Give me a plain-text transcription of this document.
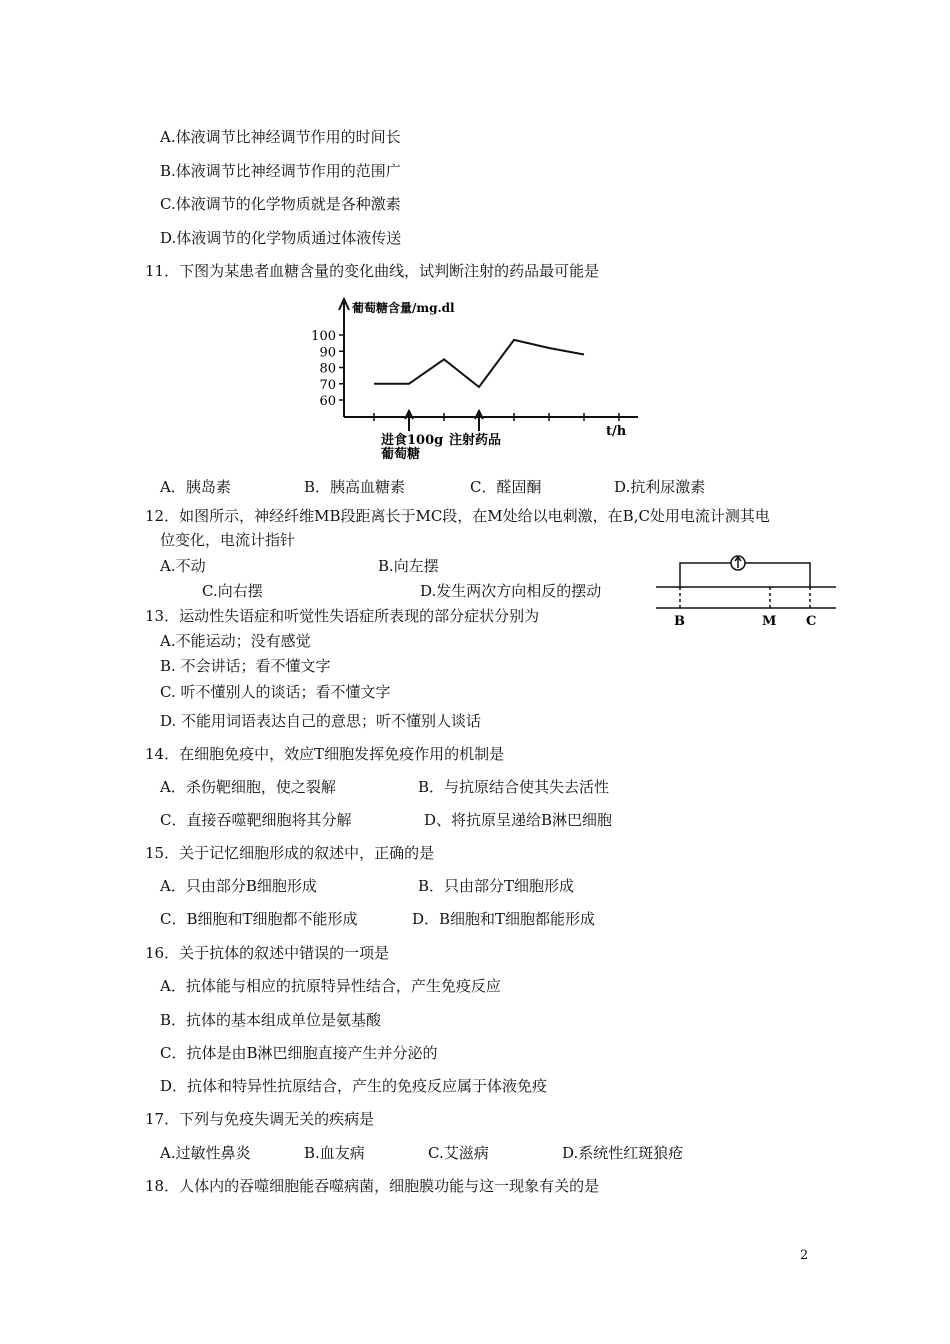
A.体液调节比神经调节作用的时间长
B.体液调节比神经调节作用的范围广
C.体液调节的化学物质就是各种激素
D.体液调节的化学物质通过体液传送
11．下图为某患者血糖含量的变化曲线，试判断注射的药品最可能是
葡萄糖含量/mg.dl
t/h
100
90
80
70
60
进食100g
葡萄糖
注射药品
A．胰岛素	B．胰高血糖素	C．醛固酮	D.抗利尿激素
12．如图所示，神经纤维MB段距离长于MC段，在M处给以电刺激，在B,C处用电流计测其电
位变化，电流计指针
A.不动	B.向左摆
C.向右摆	D.发生两次方向相反的摆动
B	M C
13．运动性失语症和听觉性失语症所表现的部分症状分别为
A.不能运动；没有感觉
B. 不会讲话；看不懂文字
C. 听不懂别人的谈话；看不懂文字
D. 不能用词语表达自己的意思；听不懂别人谈话
14．在细胞免疫中，效应T细胞发挥免疫作用的机制是
A．杀伤靶细胞，使之裂解	B．与抗原结合使其失去活性
C．直接吞噬靶细胞将其分解	D、将抗原呈递给B淋巴细胞
15．关于记忆细胞形成的叙述中，正确的是
A．只由部分B细胞形成	B．只由部分T细胞形成
C．B细胞和T细胞都不能形成	D．B细胞和T细胞都能形成
16．关于抗体的叙述中错误的一项是
A．抗体能与相应的抗原特异性结合，产生免疫反应
B．抗体的基本组成单位是氨基酸
C．抗体是由B淋巴细胞直接产生并分泌的
D．抗体和特异性抗原结合，产生的免疫反应属于体液免疫
17．下列与免疫失调无关的疾病是
A.过敏性鼻炎	B.血友病	C.艾滋病	D.系统性红斑狼疮
18．人体内的吞噬细胞能吞噬病菌，细胞膜功能与这一现象有关的是
2
